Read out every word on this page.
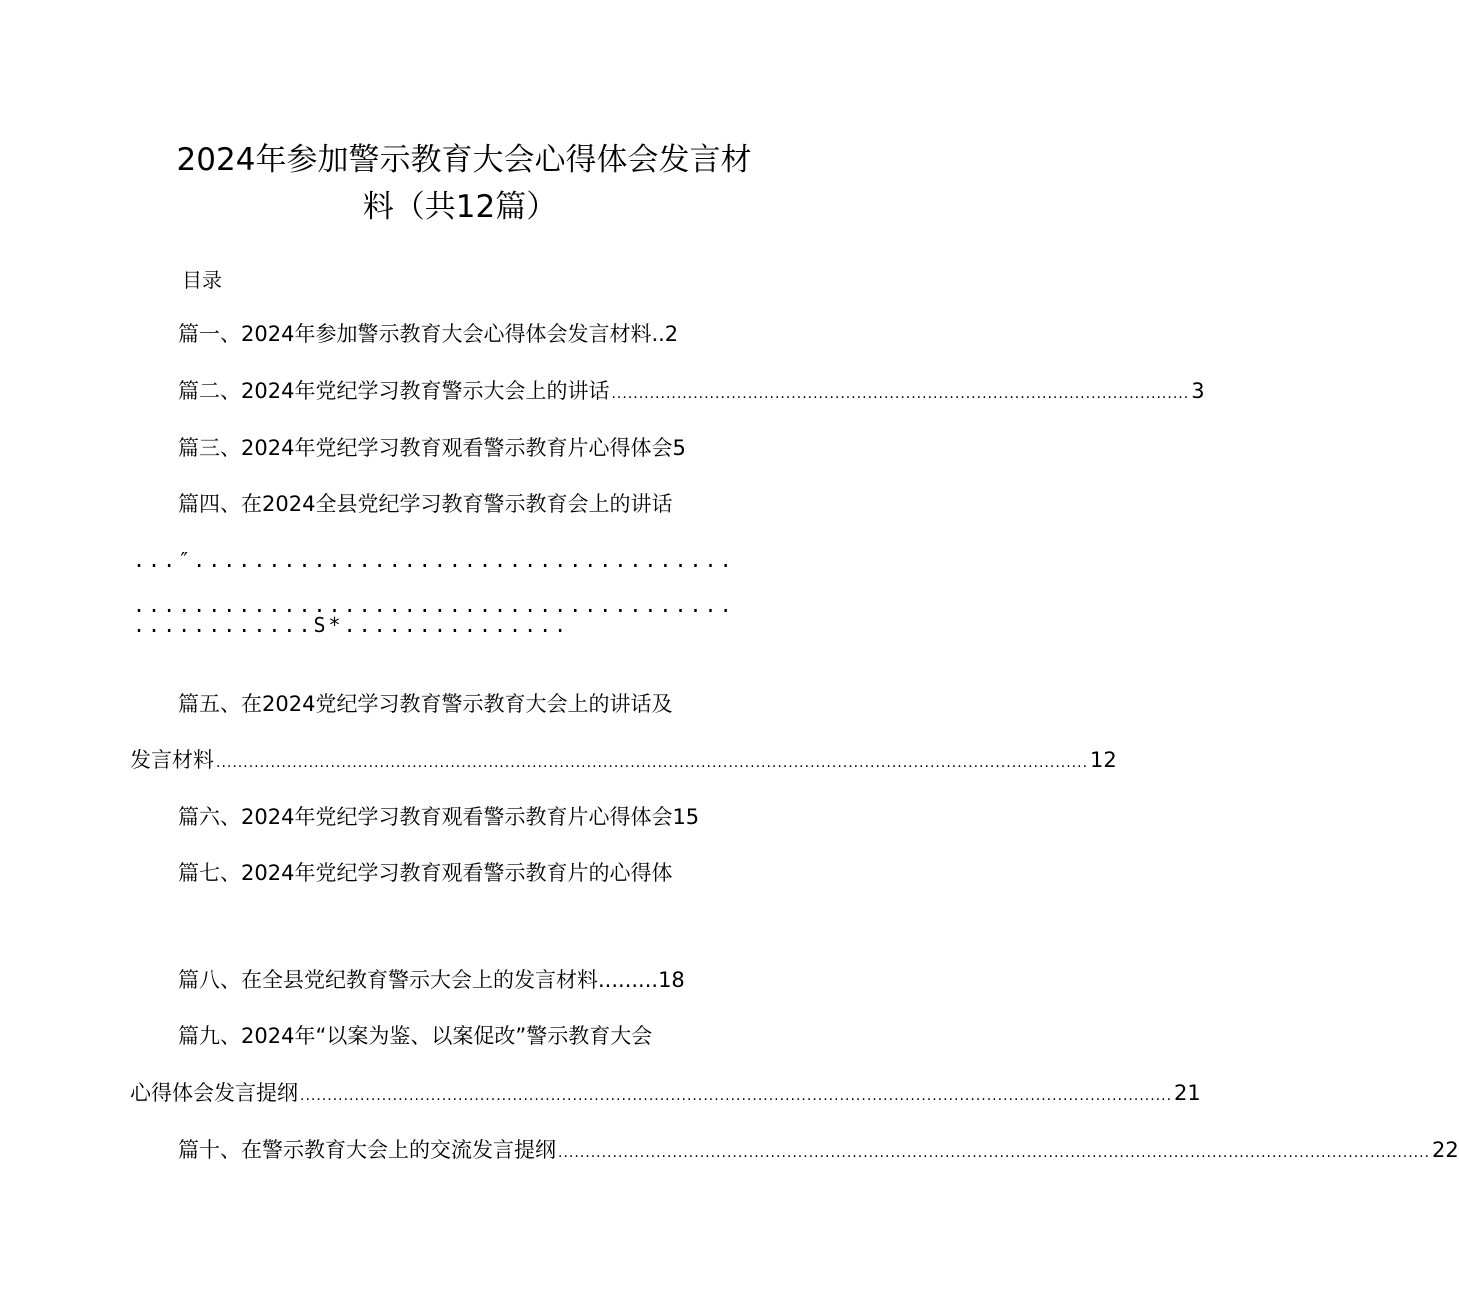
2024年参加警示教育大会心得体会发言材
料（共12篇）
目录
篇一、2024年参加警示教育大会心得体会发言材料..2
篇二、2024年党纪学习教育警示大会上的讲话 .......................................................................................................... 3
篇三、2024年党纪学习教育观看警示教育片心得体会5
篇四、在2024全县党纪学习教育警示教育会上的讲话
...″....................................
........................................
............S*...............
篇五、在2024党纪学习教育警示教育大会上的讲话及
发言材料 ................................................................................................................................................................ 12
篇六、2024年党纪学习教育观看警示教育片心得体会15
篇七、2024年党纪学习教育观看警示教育片的心得体
篇八、在全县党纪教育警示大会上的发言材料.........18
篇九、2024年“以案为鉴、以案促改”警示教育大会
心得体会发言提纲 ................................................................................................................................................................ 21
篇十、在警示教育大会上的交流发言提纲 ................................................................................................................................................................ 22
